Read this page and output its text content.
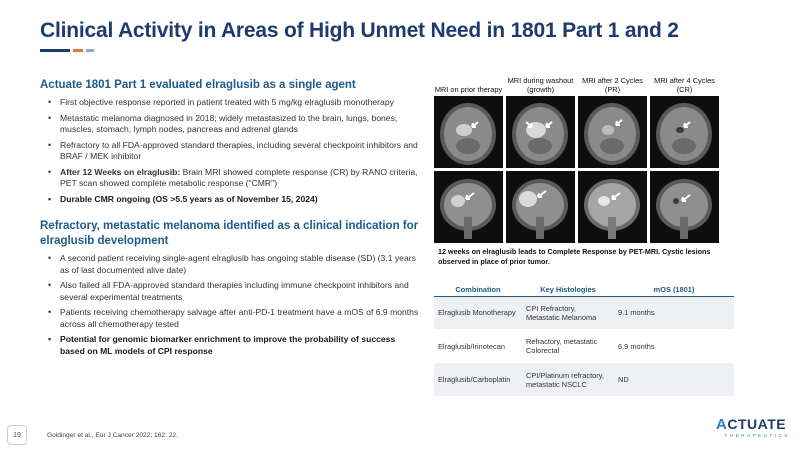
Clinical Activity in Areas of High Unmet Need in 1801 Part 1 and 2
Actuate 1801 Part 1 evaluated elraglusib as a single agent
• First objective response reported in patient treated with 5 mg/kg elraglusib monotherapy
• Metastatic melanoma diagnosed in 2018; widely metastasized to the brain, lungs, bones, muscles, stomach, lymph nodes, pancreas and adrenal glands
• Refractory to all FDA-approved standard therapies, including several checkpoint inhibitors and BRAF / MEK inhibitor
• After 12 Weeks on elraglusib: Brain MRI showed complete response (CR) by RANO criteria, PET scan showed complete metabolic response ("CMR")
• Durable CMR ongoing (OS >5.5 years as of November 15, 2024)
Refractory, metastatic melanoma identified as a clinical indication for elraglusib development
• A second patient receiving single-agent elraglusib has ongoing stable disease (SD) (3.1 years as of last documented alive date)
• Also failed all FDA-approved standard therapies including immune checkpoint inhibitors and several experimental treatments
• Patients receiving chemotherapy salvage after anti-PD-1 treatment have a mOS of 6.9 months across all chemotherapy tested
• Potential for genomic biomarker enrichment to improve the probability of success based on ML models of CPI response
MRI on prior therapy
MRI during washout (growth)
MRI after 2 Cycles (PR)
MRI after 4 Cycles (CR)
12 weeks on elraglusib leads to Complete Response by PET-MRI. Cystic lesions observed in place of prior tumor.
Combination	Key Histologies	mOS (1801)
Elraglusib Monotherapy	CPI Refractory, Metastatic Melanoma	9.1 months
Elraglusib/Irinotecan	Refractory, metastatic Colorectal	6.9 months
Elraglusib/Carboplatin	CPI/Platinum refractory, metastatic NSCLC	ND
19	Goldinger et al., Eur J Cancer 2022; 162: 22.
A CTUATE
THERAPEUTICS
